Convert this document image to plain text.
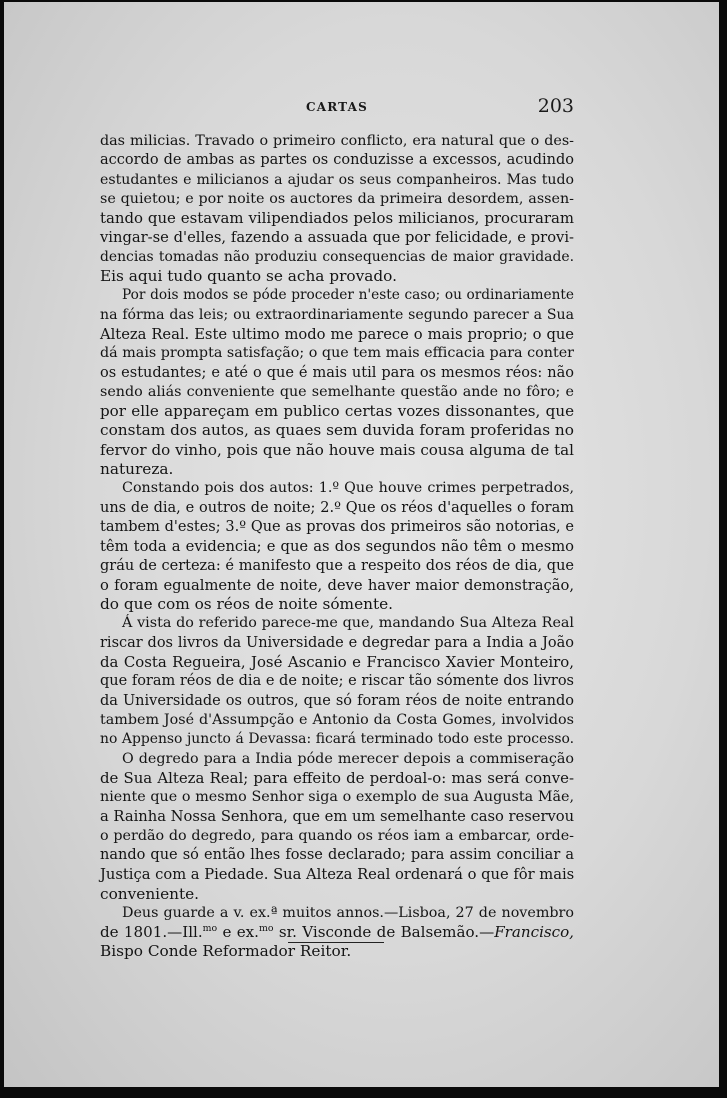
CARTAS	203
das milicias. Travado o primeiro conflicto, era natural que o des-
accordo de ambas as partes os conduzisse a excessos, acudindo
estudantes e milicianos a ajudar os seus companheiros. Mas tudo
se quietou; e por noite os auctores da primeira desordem, assen-
tando que estavam vilipendiados pelos milicianos, procuraram
vingar-se d'elles, fazendo a assuada que por felicidade, e provi-
dencias tomadas não produziu consequencias de maior gravidade.
Eis aqui tudo quanto se acha provado.
Por dois modos se póde proceder n'este caso; ou ordinariamente
na fórma das leis; ou extraordinariamente segundo parecer a Sua
Alteza Real. Este ultimo modo me parece o mais proprio; o que
dá mais prompta satisfação; o que tem mais efficacia para conter
os estudantes; e até o que é mais util para os mesmos réos: não
sendo aliás conveniente que semelhante questão ande no fôro; e
por elle appareçam em publico certas vozes dissonantes, que
constam dos autos, as quaes sem duvida foram proferidas no
fervor do vinho, pois que não houve mais cousa alguma de tal
natureza.
Constando pois dos autos: 1.º Que houve crimes perpetrados,
uns de dia, e outros de noite; 2.º Que os réos d'aquelles o foram
tambem d'estes; 3.º Que as provas dos primeiros são notorias, e
têm toda a evidencia; e que as dos segundos não têm o mesmo
gráu de certeza: é manifesto que a respeito dos réos de dia, que
o foram egualmente de noite, deve haver maior demonstração,
do que com os réos de noite sómente.
Á vista do referido parece-me que, mandando Sua Alteza Real
riscar dos livros da Universidade e degredar para a India a João
da Costa Regueira, José Ascanio e Francisco Xavier Monteiro,
que foram réos de dia e de noite; e riscar tão sómente dos livros
da Universidade os outros, que só foram réos de noite entrando
tambem José d'Assumpção e Antonio da Costa Gomes, involvidos
no Appenso juncto á Devassa: ficará terminado todo este processo.
O degredo para a India póde merecer depois a commiseração
de Sua Alteza Real; para effeito de perdoal-o: mas será conve-
niente que o mesmo Senhor siga o exemplo de sua Augusta Mãe,
a Rainha Nossa Senhora, que em um semelhante caso reservou
o perdão do degredo, para quando os réos iam a embarcar, orde-
nando que só então lhes fosse declarado; para assim conciliar a
Justiça com a Piedade. Sua Alteza Real ordenará o que fôr mais
conveniente.
Deus guarde a v. ex.ª muitos annos.—Lisboa, 27 de novembro
de 1801.—Ill.$^{mo}$ e ex.$^{mo}$ sr. Visconde de Balsemão.—Francisco,
Bispo Conde Reformador Reitor.
